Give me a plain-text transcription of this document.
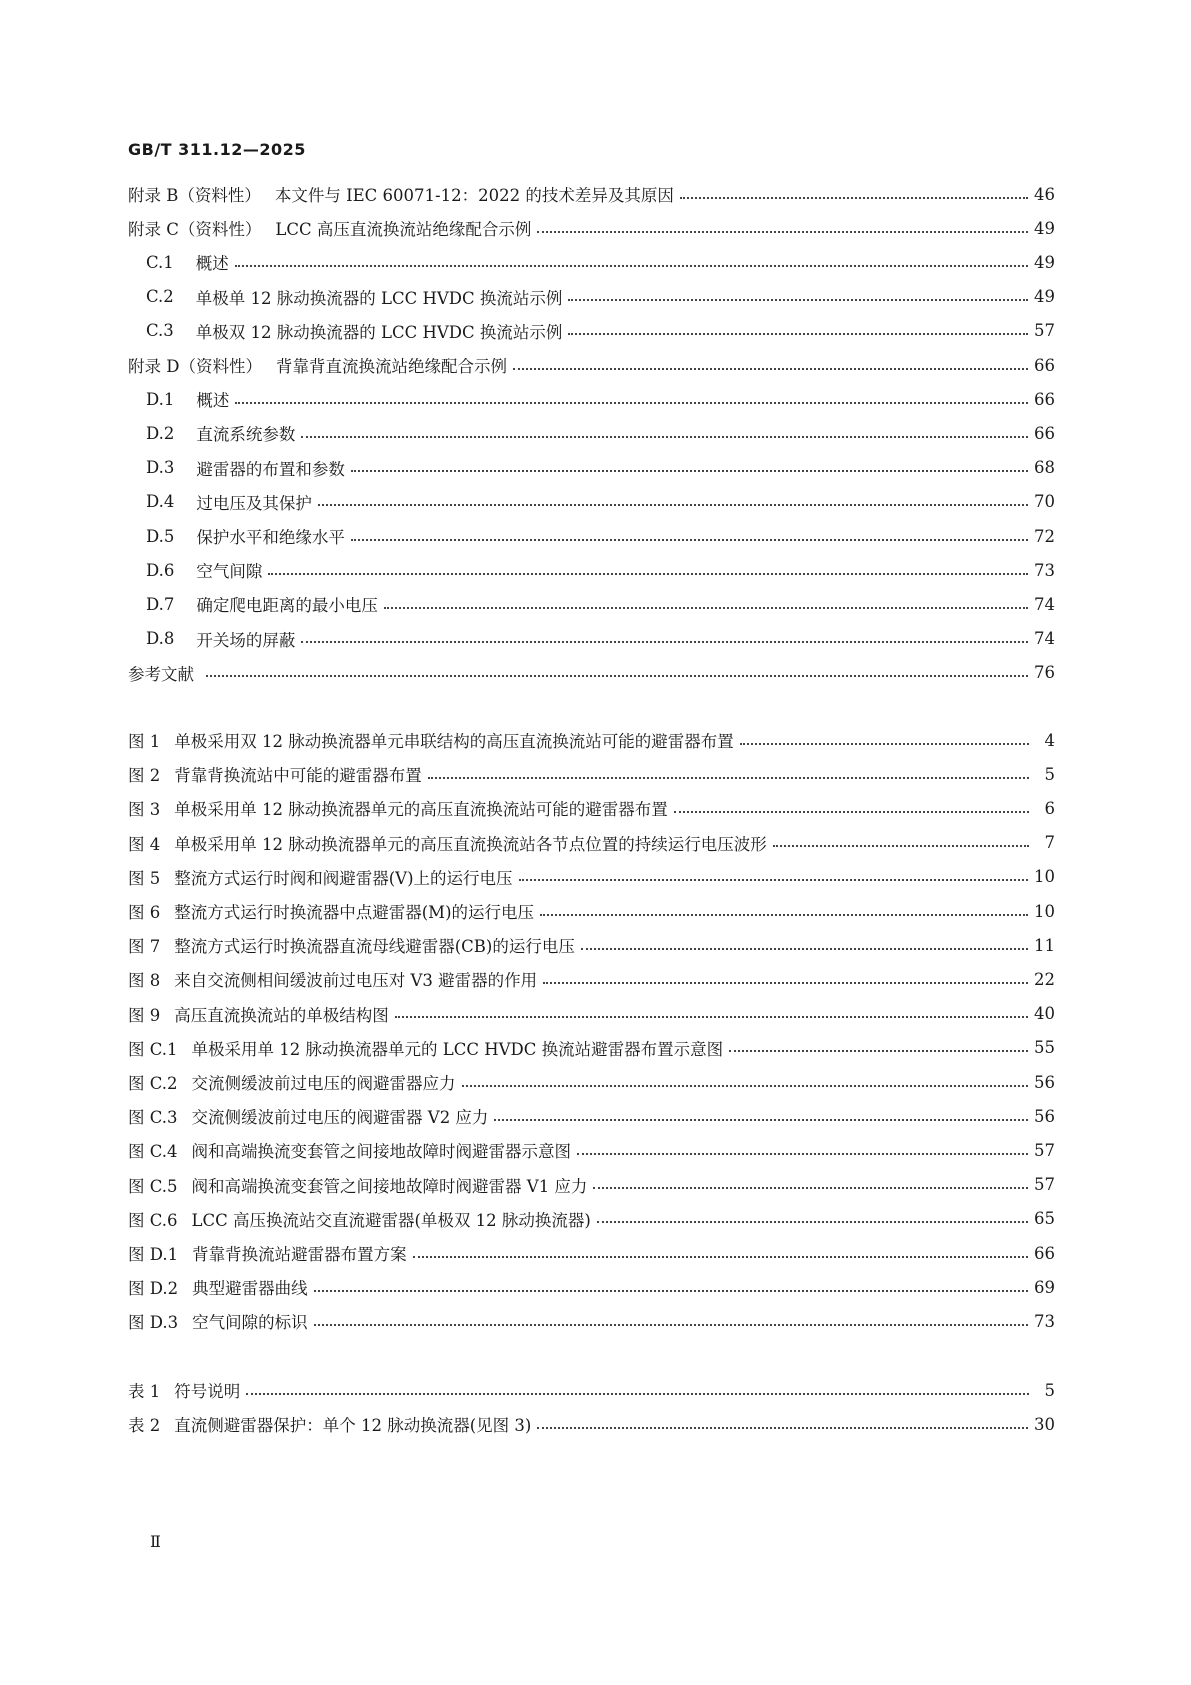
GB/T 311.12—2025
附录 B（资料性） 本文件与 IEC 60071-12：2022 的技术差异及其原因	46
附录 C（资料性） LCC 高压直流换流站绝缘配合示例	49
C.1 概述	49
C.2 单极单 12 脉动换流器的 LCC HVDC 换流站示例	49
C.3 单极双 12 脉动换流器的 LCC HVDC 换流站示例	57
附录 D（资料性） 背靠背直流换流站绝缘配合示例	66
D.1 概述	66
D.2 直流系统参数	66
D.3 避雷器的布置和参数	68
D.4 过电压及其保护	70
D.5 保护水平和绝缘水平	72
D.6 空气间隙	73
D.7 确定爬电距离的最小电压	74
D.8 开关场的屏蔽	74
参考文献	76
图 1 单极采用双 12 脉动换流器单元串联结构的高压直流换流站可能的避雷器布置	4
图 2 背靠背换流站中可能的避雷器布置	5
图 3 单极采用单 12 脉动换流器单元的高压直流换流站可能的避雷器布置	6
图 4 单极采用单 12 脉动换流器单元的高压直流换流站各节点位置的持续运行电压波形	7
图 5 整流方式运行时阀和阀避雷器(V)上的运行电压	10
图 6 整流方式运行时换流器中点避雷器(M)的运行电压	10
图 7 整流方式运行时换流器直流母线避雷器(CB)的运行电压	11
图 8 来自交流侧相间缓波前过电压对 V3 避雷器的作用	22
图 9 高压直流换流站的单极结构图	40
图 C.1 单极采用单 12 脉动换流器单元的 LCC HVDC 换流站避雷器布置示意图	55
图 C.2 交流侧缓波前过电压的阀避雷器应力	56
图 C.3 交流侧缓波前过电压的阀避雷器 V2 应力	56
图 C.4 阀和高端换流变套管之间接地故障时阀避雷器示意图	57
图 C.5 阀和高端换流变套管之间接地故障时阀避雷器 V1 应力	57
图 C.6 LCC 高压换流站交直流避雷器(单极双 12 脉动换流器)	65
图 D.1 背靠背换流站避雷器布置方案	66
图 D.2 典型避雷器曲线	69
图 D.3 空气间隙的标识	73
表 1 符号说明	5
表 2 直流侧避雷器保护：单个 12 脉动换流器(见图 3)	30
Ⅱ
